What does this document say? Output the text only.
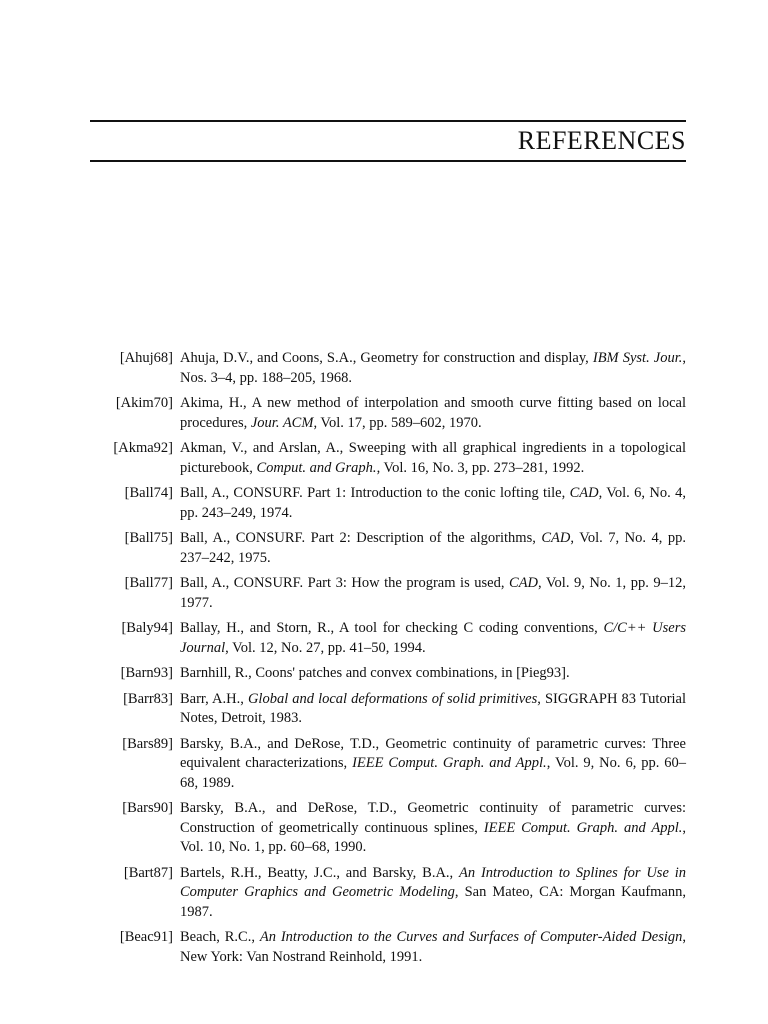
REFERENCES
[Ahuj68] Ahuja, D.V., and Coons, S.A., Geometry for construction and display, IBM Syst. Jour., Nos. 3–4, pp. 188–205, 1968.
[Akim70] Akima, H., A new method of interpolation and smooth curve fitting based on local procedures, Jour. ACM, Vol. 17, pp. 589–602, 1970.
[Akma92] Akman, V., and Arslan, A., Sweeping with all graphical ingredients in a topological picturebook, Comput. and Graph., Vol. 16, No. 3, pp. 273–281, 1992.
[Ball74] Ball, A., CONSURF. Part 1: Introduction to the conic lofting tile, CAD, Vol. 6, No. 4, pp. 243–249, 1974.
[Ball75] Ball, A., CONSURF. Part 2: Description of the algorithms, CAD, Vol. 7, No. 4, pp. 237–242, 1975.
[Ball77] Ball, A., CONSURF. Part 3: How the program is used, CAD, Vol. 9, No. 1, pp. 9–12, 1977.
[Baly94] Ballay, H., and Storn, R., A tool for checking C coding conventions, C/C++ Users Journal, Vol. 12, No. 27, pp. 41–50, 1994.
[Barn93] Barnhill, R., Coons' patches and convex combinations, in [Pieg93].
[Barr83] Barr, A.H., Global and local deformations of solid primitives, SIGGRAPH 83 Tutorial Notes, Detroit, 1983.
[Bars89] Barsky, B.A., and DeRose, T.D., Geometric continuity of parametric curves: Three equivalent characterizations, IEEE Comput. Graph. and Appl., Vol. 9, No. 6, pp. 60–68, 1989.
[Bars90] Barsky, B.A., and DeRose, T.D., Geometric continuity of parametric curves: Construction of geometrically continuous splines, IEEE Comput. Graph. and Appl., Vol. 10, No. 1, pp. 60–68, 1990.
[Bart87] Bartels, R.H., Beatty, J.C., and Barsky, B.A., An Introduction to Splines for Use in Computer Graphics and Geometric Modeling, San Mateo, CA: Morgan Kaufmann, 1987.
[Beac91] Beach, R.C., An Introduction to the Curves and Surfaces of Computer-Aided Design, New York: Van Nostrand Reinhold, 1991.
